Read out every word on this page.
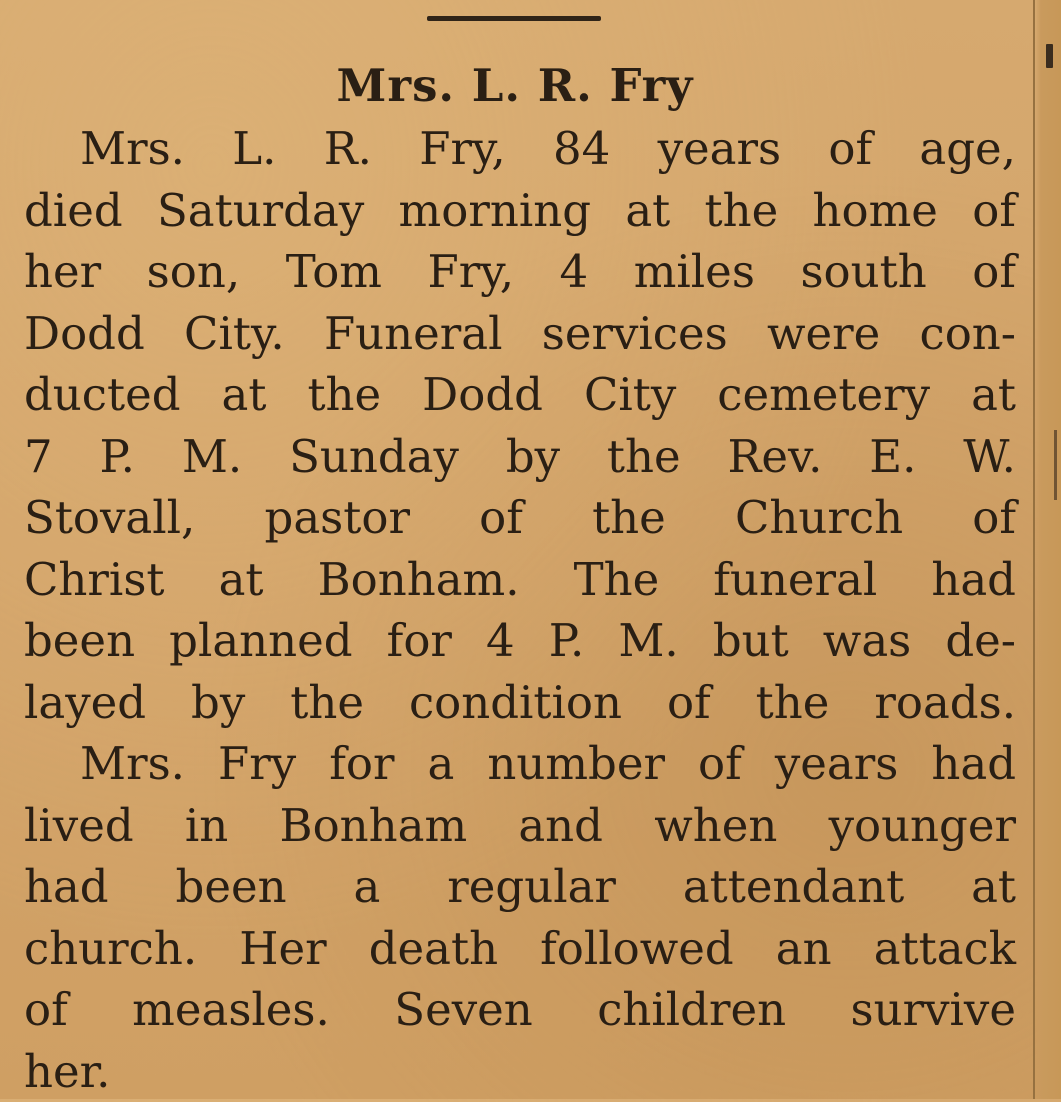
Mrs. L. R. Fry
Mrs. L. R. Fry, 84 years of age,
died Saturday morning at the home of
her son, Tom Fry, 4 miles south of
Dodd City. Funeral services were con-
ducted at the Dodd City cemetery at
7 P. M. Sunday by the Rev. E. W.
Stovall, pastor of the Church of
Christ at Bonham. The funeral had
been planned for 4 P. M. but was de-
layed by the condition of the roads.
Mrs. Fry for a number of years had
lived in Bonham and when younger
had been a regular attendant at
church. Her death followed an attack
of measles. Seven children survive
her.
